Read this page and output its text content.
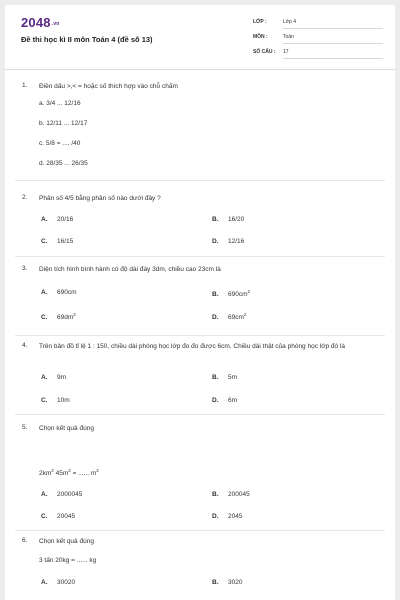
2048.vn
Đề thi học kì II môn Toán 4 (đề số 13)
LỚP :	Lớp 4
MÔN :	Toán
SỐ CÂU : 17
1. Điền dấu >,< = hoặc số thích hợp vào chỗ chấm
a. 3/4 ... 12/16
b. 12/11 ... 12/17
c. 5/8 = .... /40
d. 28/35 ... 26/35
2. Phân số 4/5 bằng phân số nào dưới đây ?
A. 20/16	B. 16/20
C. 16/15	D. 12/16
3. Diện tích hình bình hành có độ dài đáy 3dm, chiều cao 23cm là
A. 690cm	B. $690cm^2$
C. $69dm^2$	D. $69cm^2$
4. Trên bản đồ tỉ lệ 1 : 150, chiều dài phòng học lớp đo đo được 6cm. Chiều dài thật của phòng học lớp đó là
A. 9m	B. 5m
C. 10m	D. 6m
5. Chọn kết quả đúng
$2km^2$ $45m^2$ = ...... $m^2$
A. 2000045	B. 200045
C. 20045	D. 2045
6. Chọn kết quả đúng
3 tấn 20kg = ...... kg
A. 30020	B. 3020
